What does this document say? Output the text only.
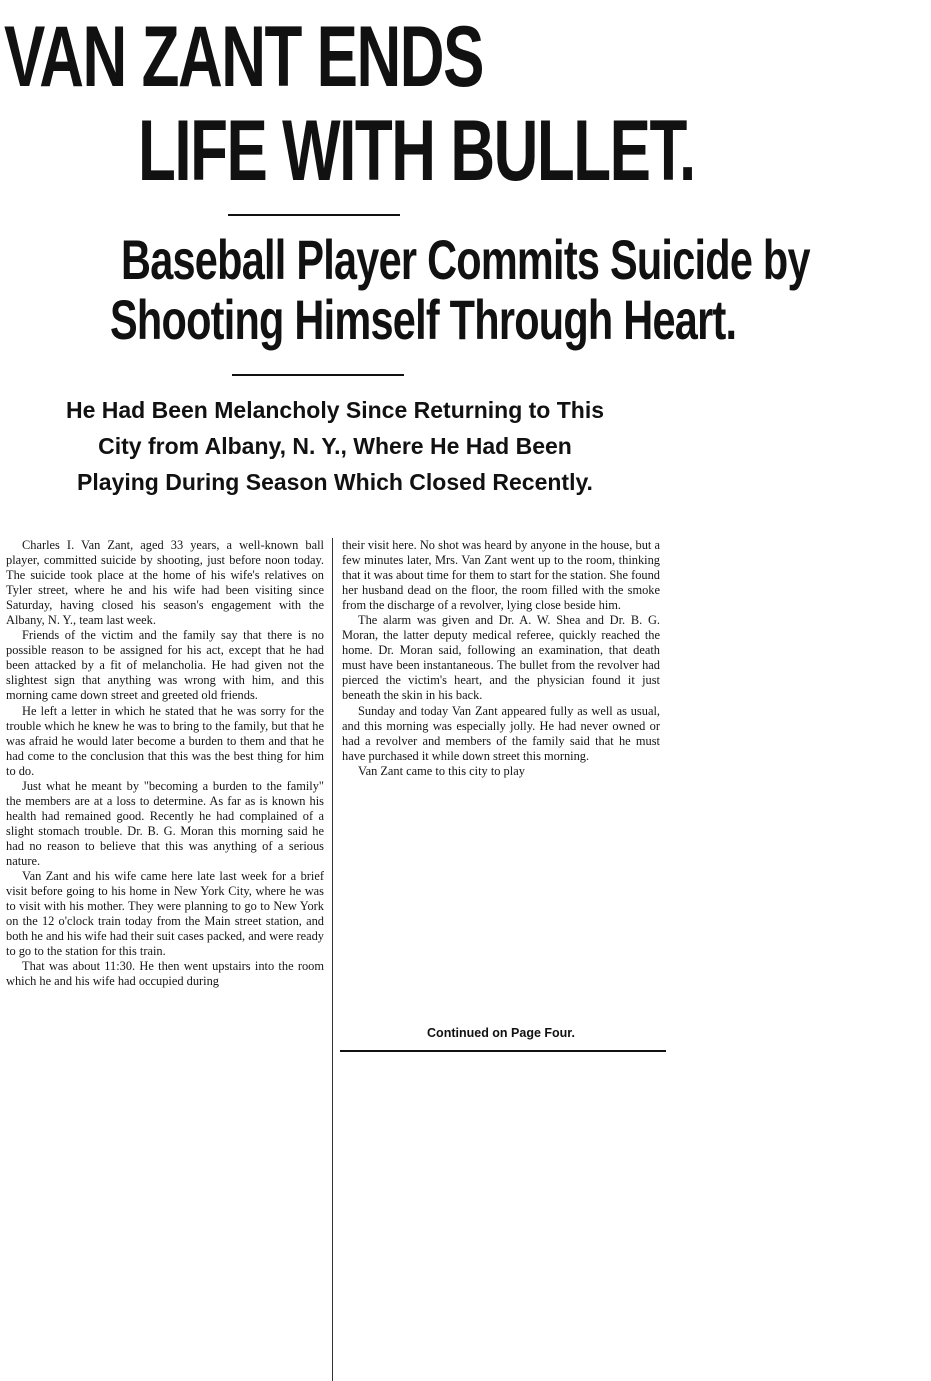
VAN ZANT ENDS
LIFE WITH BULLET.
Baseball Player Commits Suicide by
Shooting Himself Through Heart.
He Had Been Melancholy Since Returning to This
City from Albany, N. Y., Where He Had Been
Playing During Season Which Closed Recently.

Charles I. Van Zant, aged 33 years, a well-known ball player, committed suicide by shooting, just before noon today. The suicide took place at the home of his wife's relatives on Tyler street, where he and his wife had been visiting since Saturday, having closed his season's engagement with the Albany, N. Y., team last week.

Friends of the victim and the family say that there is no possible reason to be assigned for his act, except that he had been attacked by a fit of melancholia. He had given not the slightest sign that anything was wrong with him, and this morning came down street and greeted old friends.

He left a letter in which he stated that he was sorry for the trouble which he knew he was to bring to the family, but that he was afraid he would later become a burden to them and that he had come to the conclusion that this was the best thing for him to do.

Just what he meant by "becoming a burden to the family" the members are at a loss to determine. As far as is known his health had remained good. Recently he had complained of a slight stomach trouble. Dr. B. G. Moran this morning said he had no reason to believe that this was anything of a serious nature.

Van Zant and his wife came here late last week for a brief visit before going to his home in New York City, where he was to visit with his mother. They were planning to go to New York on the 12 o'clock train today from the Main street station, and both he and his wife had their suit cases packed, and were ready to go to the station for this train.

That was about 11:30. He then went upstairs into the room which he and his wife had occupied during

their visit here. No shot was heard by anyone in the house, but a few minutes later, Mrs. Van Zant went up to the room, thinking that it was about time for them to start for the station. She found her husband dead on the floor, the room filled with the smoke from the discharge of a revolver, lying close beside him.

The alarm was given and Dr. A. W. Shea and Dr. B. G. Moran, the latter deputy medical referee, quickly reached the home. Dr. Moran said, following an examination, that death must have been instantaneous. The bullet from the revolver had pierced the victim's heart, and the physician found it just beneath the skin in his back.

Sunday and today Van Zant appeared fully as well as usual, and this morning was especially jolly. He had never owned or had a revolver and members of the family said that he must have purchased it while down street this morning.

Van Zant came to this city to play

Continued on Page Four.
